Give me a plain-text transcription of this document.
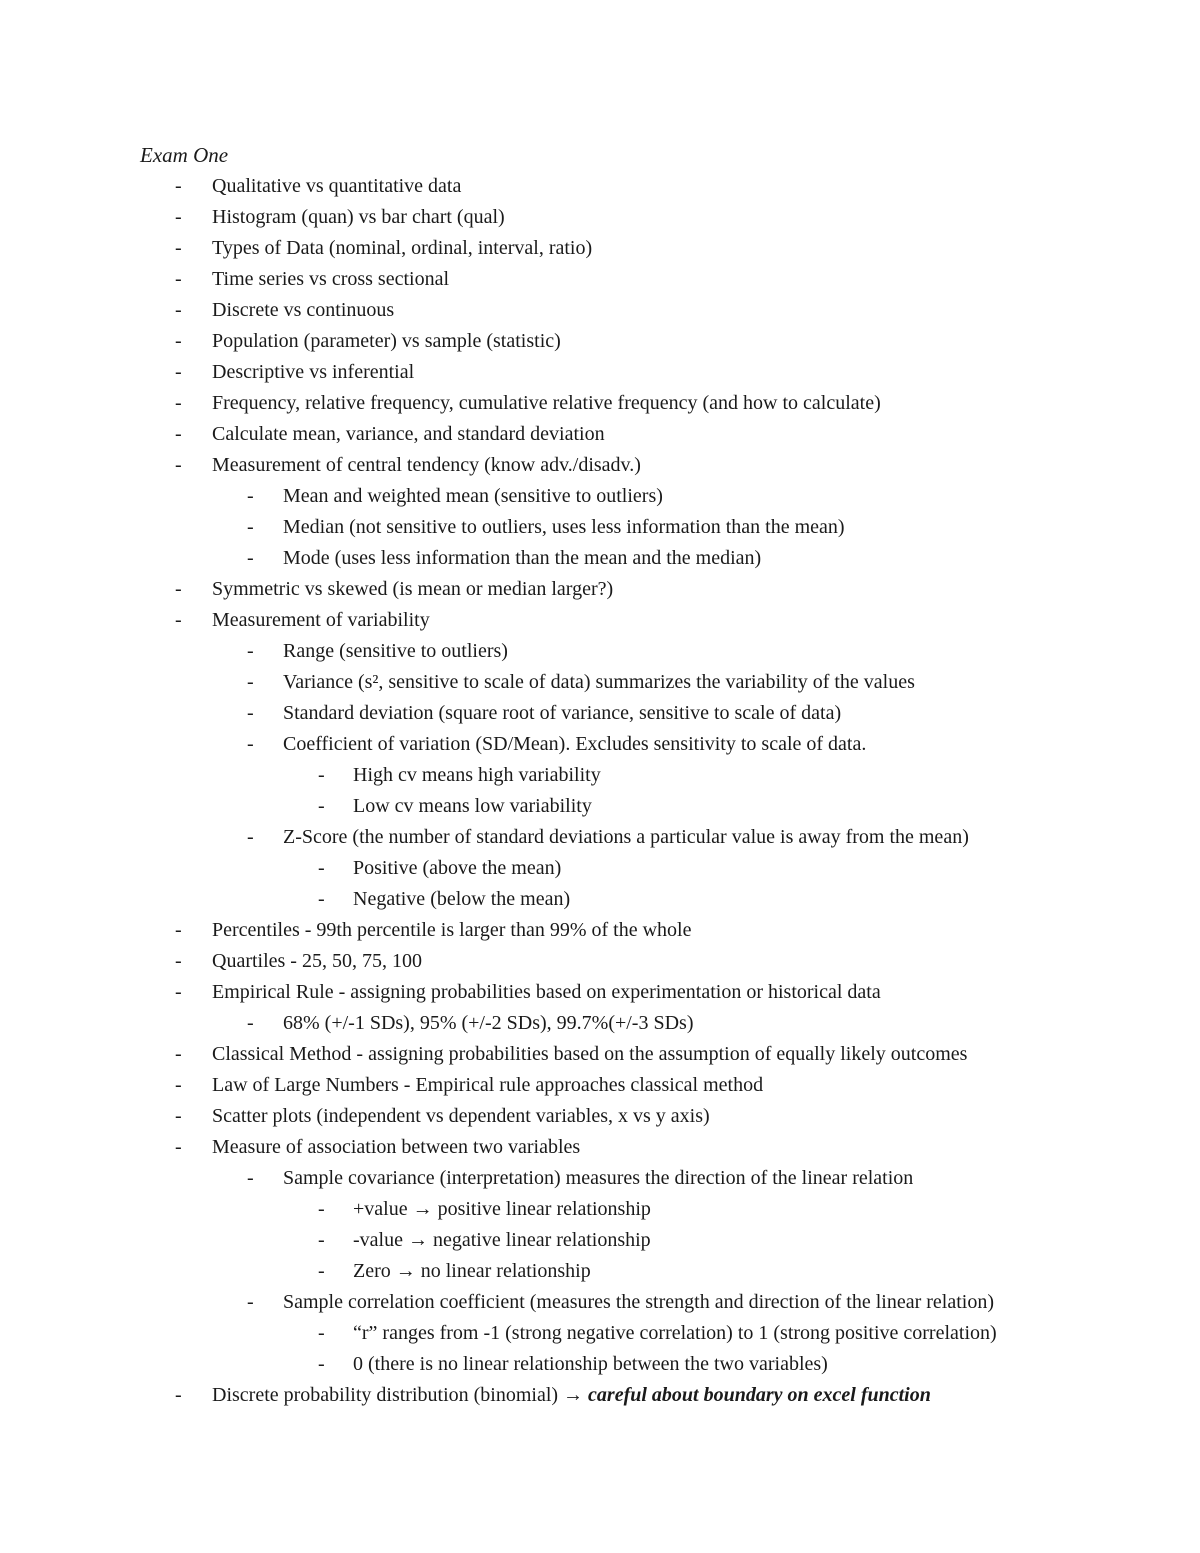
Exam One
-	Qualitative vs quantitative data
-	Histogram (quan) vs bar chart (qual)
-	Types of Data (nominal, ordinal, interval, ratio)
-	Time series vs cross sectional
-	Discrete vs continuous
-	Population (parameter) vs sample (statistic)
-	Descriptive vs inferential
-	Frequency, relative frequency, cumulative relative frequency (and how to calculate)
-	Calculate mean, variance, and standard deviation
-	Measurement of central tendency (know adv./disadv.)
-	Mean and weighted mean (sensitive to outliers)
-	Median (not sensitive to outliers, uses less information than the mean)
-	Mode (uses less information than the mean and the median)
-	Symmetric vs skewed (is mean or median larger?)
-	Measurement of variability
-	Range (sensitive to outliers)
-	Variance (s², sensitive to scale of data) summarizes the variability of the values
-	Standard deviation (square root of variance, sensitive to scale of data)
-	Coefficient of variation (SD/Mean). Excludes sensitivity to scale of data.
-	High cv means high variability
-	Low cv means low variability
-	Z-Score (the number of standard deviations a particular value is away from the mean)
-	Positive (above the mean)
-	Negative (below the mean)
-	Percentiles - 99th percentile is larger than 99% of the whole
-	Quartiles - 25, 50, 75, 100
-	Empirical Rule - assigning probabilities based on experimentation or historical data
-	68% (+/-1 SDs), 95% (+/-2 SDs), 99.7%(+/-3 SDs)
-	Classical Method - assigning probabilities based on the assumption of equally likely outcomes
-	Law of Large Numbers - Empirical rule approaches classical method
-	Scatter plots (independent vs dependent variables, x vs y axis)
-	Measure of association between two variables
-	Sample covariance (interpretation) measures the direction of the linear relation
-	+value → positive linear relationship
-	-value → negative linear relationship
-	Zero → no linear relationship
-	Sample correlation coefficient (measures the strength and direction of the linear relation)
-	“r” ranges from -1 (strong negative correlation) to 1 (strong positive correlation)
-	0 (there is no linear relationship between the two variables)
-	Discrete probability distribution (binomial) → careful about boundary on excel function
